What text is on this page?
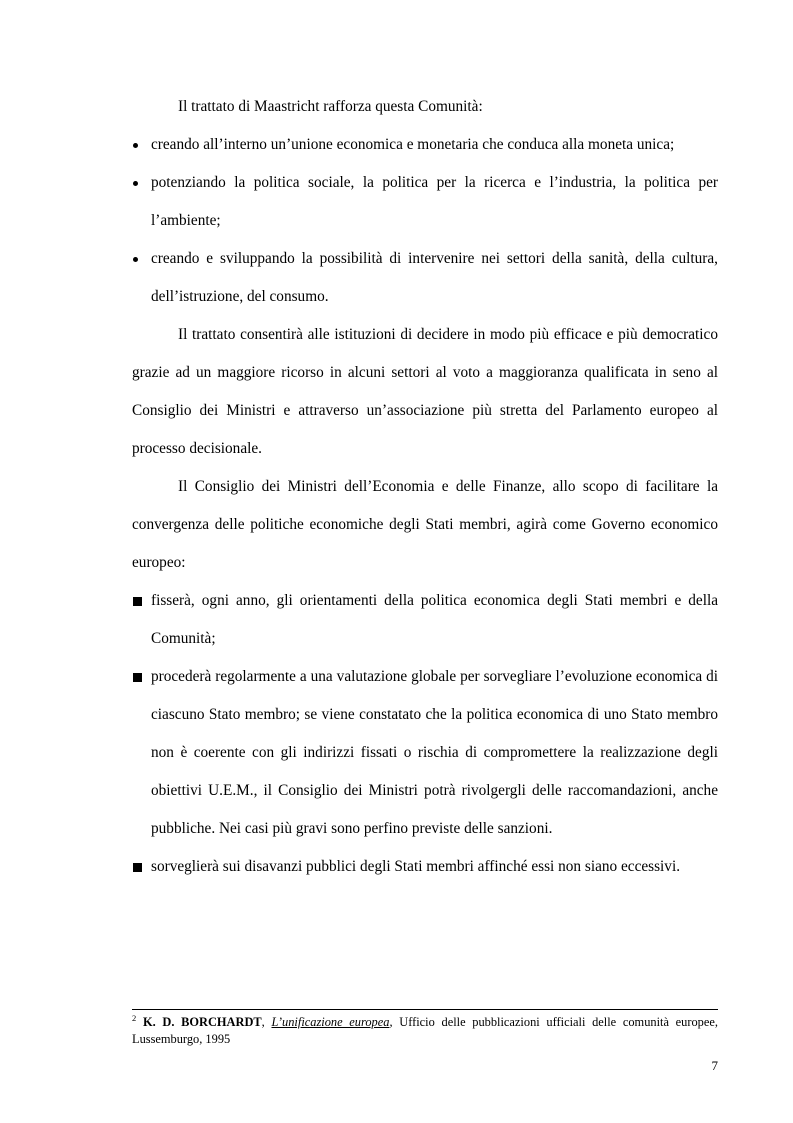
Il trattato di Maastricht rafforza questa Comunità:

creando all’interno un’unione economica e monetaria che conduca alla moneta unica;
potenziando la politica sociale, la politica per la ricerca e l’industria, la politica per l’ambiente;
creando e sviluppando la possibilità di intervenire nei settori della sanità, della cultura, dell’istruzione, del consumo.

Il trattato consentirà alle istituzioni di decidere in modo più efficace e più democratico grazie ad un maggiore ricorso in alcuni settori al voto a maggioranza qualificata in seno al Consiglio dei Ministri e attraverso un’associazione più stretta del Parlamento europeo al processo decisionale.

Il Consiglio dei Ministri dell’Economia e delle Finanze, allo scopo di facilitare la convergenza delle politiche economiche degli Stati membri, agirà come Governo economico europeo:

fisserà, ogni anno, gli orientamenti della politica economica degli Stati membri e della Comunità;
procederà regolarmente a una valutazione globale per sorvegliare l’evoluzione economica di ciascuno Stato membro; se viene constatato che la politica economica di uno Stato membro non è coerente con gli indirizzi fissati o rischia di compromettere la realizzazione degli obiettivi U.E.M., il Consiglio dei Ministri potrà rivolgergli delle raccomandazioni, anche pubbliche. Nei casi più gravi sono perfino previste delle sanzioni.
sorveglierà sui disavanzi pubblici degli Stati membri affinché essi non siano eccessivi.
$^2$ K. D. BORCHARDT, L’unificazione europea, Ufficio delle pubblicazioni ufficiali delle comunità europee, Lussemburgo, 1995
7
